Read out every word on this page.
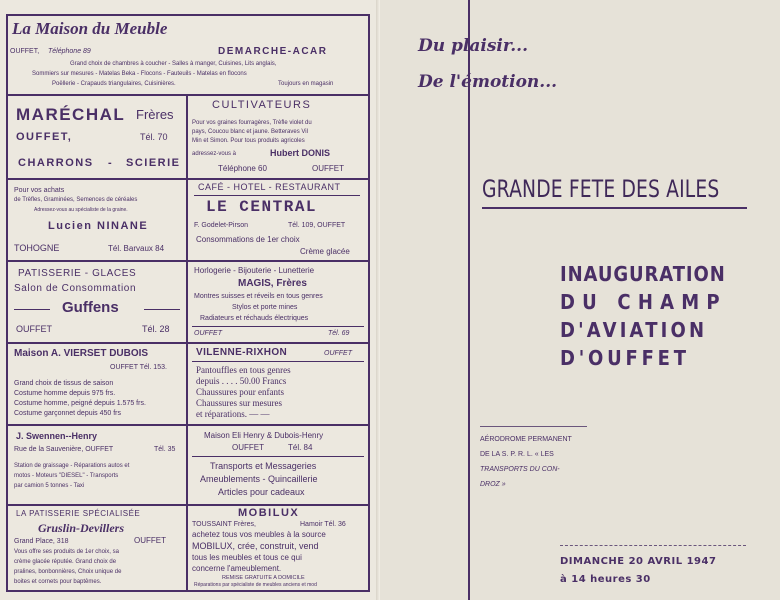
La Maison du Meuble
OUFFET, Téléphone 89	DEMARCHE-ACAR
Grand choix de chambres à coucher - Salles à manger, Cuisines, Lits anglais,
Sommiers sur mesures - Matelas Beka - Flocons - Fauteuils - Matelas en flocons
Poëllerie - Crapauds triangulaires, Cuisinières.	Toujours en magasin
MARÉCHAL Frères
OUFFET,	Tél. 70
CHARRONS - SCIERIE
CULTIVATEURS
Pour vos graines fourragères, Trèfle violet du
pays, Coucou blanc et jaune. Betteraves Vil
Min et Simon. Pour tous produits agricoles
adressez-vous à	Hubert DONIS
Téléphone 60	OUFFET
Pour vos achats
de Trèfles, Graminées, Semences de céréales
Adressez-vous au spécialiste de la graine.
Lucien NINANE
TOHOGNE	Tél. Barvaux 84
CAFÉ - HOTEL - RESTAURANT
LE CENTRAL
F. Godelet-Pirson	Tél. 109, OUFFET
Consommations de 1er choix
Crème glacée
PATISSERIE - GLACES
Salon de Consommation
Guffens
OUFFET	Tél. 28
Horlogerie - Bijouterie - Lunetterie
MAGIS, Frères
Montres suisses et réveils en tous genres
Stylos et porte mines
Radiateurs et réchauds électriques
OUFFET	Tél. 69
Maison A. VIERSET DUBOIS
OUFFET Tél. 153.
Grand choix de tissus de saison
Costume homme depuis 975 frs.
Costume homme, peigné depuis 1.575 frs.
Costume garçonnet depuis 450 frs
VILENNE-RIXHON	OUFFET
Pantouffles en tous genres
depuis . . . . 50.00 Francs
Chaussures pour enfants
Chaussures sur mesures
et réparations. — —
J. Swennen--Henry
Rue de la Sauvenière, OUFFET	Tél. 35
Station de graissage - Réparations autos et
motos - Moteurs "DIESEL" - Transports
par camion 5 tonnes - Taxi
Maison Eli Henry & Dubois-Henry
OUFFET	Tél. 84
Transports et Messageries
Ameublements - Quincaillerie
Articles pour cadeaux
LA PATISSERIE SPÉCIALISÉE
Gruslin-Devillers
Grand Place, 318	OUFFET
Vous offre ses produits de 1er choix, sa
crème glacée réputée. Grand choix de
pralines, bonbonnières, Choix unique de
boites et cornets pour baptêmes.
MOBILUX
TOUSSAINT Frères,	Hamoir Tél. 36
achetez tous vos meubles à la source
MOBILUX, crée, construit, vend
tous les meubles et tous ce qui
concerne l'ameublement.
REMISE GRATUITE A DOMICILE
Réparations par spécialiste de meubles anciens et mod
Du plaisir...
De l'émotion...
GRANDE FETE DES AILES
INAUGURATION
DU CHAMP
D'AVIATION
D'OUFFET
AÉRODROME PERMANENT
DE LA S. P. R. L. « LES
TRANSPORTS DU CON-
DROZ »
DIMANCHE 20 AVRIL 1947
à 14 heures 30
